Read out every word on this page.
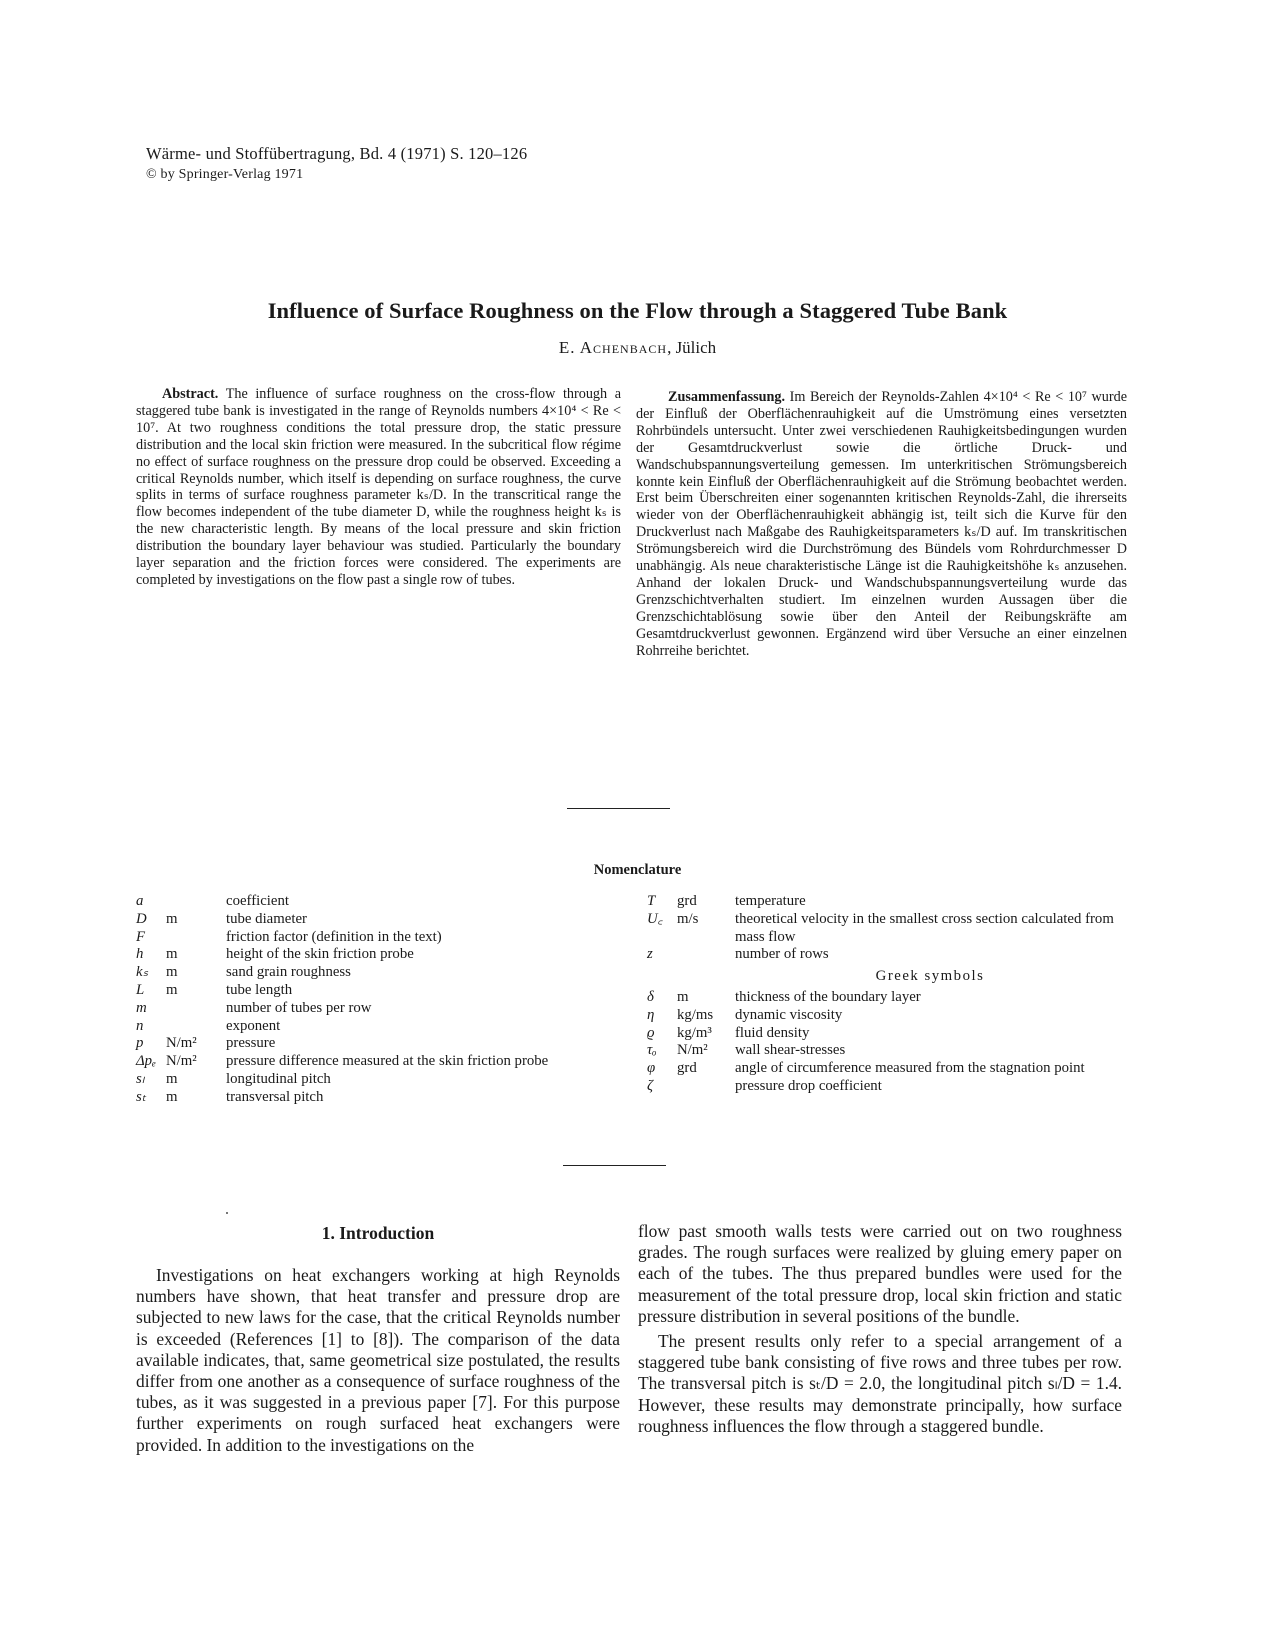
Wärme- und Stoffübertragung, Bd. 4 (1971) S. 120–126
© by Springer-Verlag 1971
Influence of Surface Roughness on the Flow through a Staggered Tube Bank
E. Achenbach, Jülich
Abstract. The influence of surface roughness on the cross-flow through a staggered tube bank is investigated in the range of Reynolds numbers 4×10⁴ < Re < 10⁷. At two roughness conditions the total pressure drop, the static pressure distribution and the local skin friction were measured. In the subcritical flow régime no effect of surface roughness on the pressure drop could be observed. Exceeding a critical Reynolds number, which itself is depending on surface roughness, the curve splits in terms of surface roughness parameter kₛ/D. In the transcritical range the flow becomes independent of the tube diameter D, while the roughness height kₛ is the new characteristic length. By means of the local pressure and skin friction distribution the boundary layer behaviour was studied. Particularly the boundary layer separation and the friction forces were considered. The experiments are completed by investigations on the flow past a single row of tubes.
Zusammenfassung. Im Bereich der Reynolds-Zahlen 4×10⁴ < Re < 10⁷ wurde der Einfluß der Oberflächenrauhigkeit auf die Umströmung eines versetzten Rohrbündels untersucht. Unter zwei verschiedenen Rauhigkeitsbedingungen wurden der Gesamtdruckverlust sowie die örtliche Druck- und Wandschubspannungsverteilung gemessen. Im unterkritischen Strömungsbereich konnte kein Einfluß der Oberflächenrauhigkeit auf die Strömung beobachtet werden. Erst beim Überschreiten einer sogenannten kritischen Reynolds-Zahl, die ihrerseits wieder von der Oberflächenrauhigkeit abhängig ist, teilt sich die Kurve für den Druckverlust nach Maßgabe des Rauhigkeitsparameters kₛ/D auf. Im transkritischen Strömungsbereich wird die Durchströmung des Bündels vom Rohrdurchmesser D unabhängig. Als neue charakteristische Länge ist die Rauhigkeitshöhe kₛ anzusehen. Anhand der lokalen Druck- und Wandschubspannungsverteilung wurde das Grenzschichtverhalten studiert. Im einzelnen wurden Aussagen über die Grenzschichtablösung sowie über den Anteil der Reibungskräfte am Gesamtdruckverlust gewonnen. Ergänzend wird über Versuche an einer einzelnen Rohrreihe berichtet.
Nomenclature
a	coefficient
D	m	tube diameter
F	friction factor (definition in the text)
h	m	height of the skin friction probe
kₛ	m	sand grain roughness
L	m	tube length
m	number of tubes per row
n	exponent
p	N/m²	pressure
Δpₑ N/m²	pressure difference measured at the skin friction probe
sₗ	m	longitudinal pitch
sₜ	m	transversal pitch
T	grd	temperature
U꜀ m/s	theoretical velocity in the smallest cross section calculated from mass flow
z	number of rows
Greek symbols
δ	m	thickness of the boundary layer
η	kg/ms	dynamic viscosity
ϱ	kg/m³	fluid density
τₒ	N/m²	wall shear-stresses
φ	grd	angle of circumference measured from the stagnation point
ζ	pressure drop coefficient
1. Introduction

Investigations on heat exchangers working at high Reynolds numbers have shown, that heat transfer and pressure drop are subjected to new laws for the case, that the critical Reynolds number is exceeded (References [1] to [8]). The comparison of the data available indicates, that, same geometrical size postulated, the results differ from one another as a consequence of surface roughness of the tubes, as it was suggested in a previous paper [7]. For this purpose further experiments on rough surfaced heat exchangers were provided. In addition to the investigations on the

flow past smooth walls tests were carried out on two roughness grades. The rough surfaces were realized by gluing emery paper on each of the tubes. The thus prepared bundles were used for the measurement of the total pressure drop, local skin friction and static pressure distribution in several positions of the bundle.

The present results only refer to a special arrangement of a staggered tube bank consisting of five rows and three tubes per row. The transversal pitch is sₜ/D = 2.0, the longitudinal pitch sₗ/D = 1.4. However, these results may demonstrate principally, how surface roughness influences the flow through a staggered bundle.
